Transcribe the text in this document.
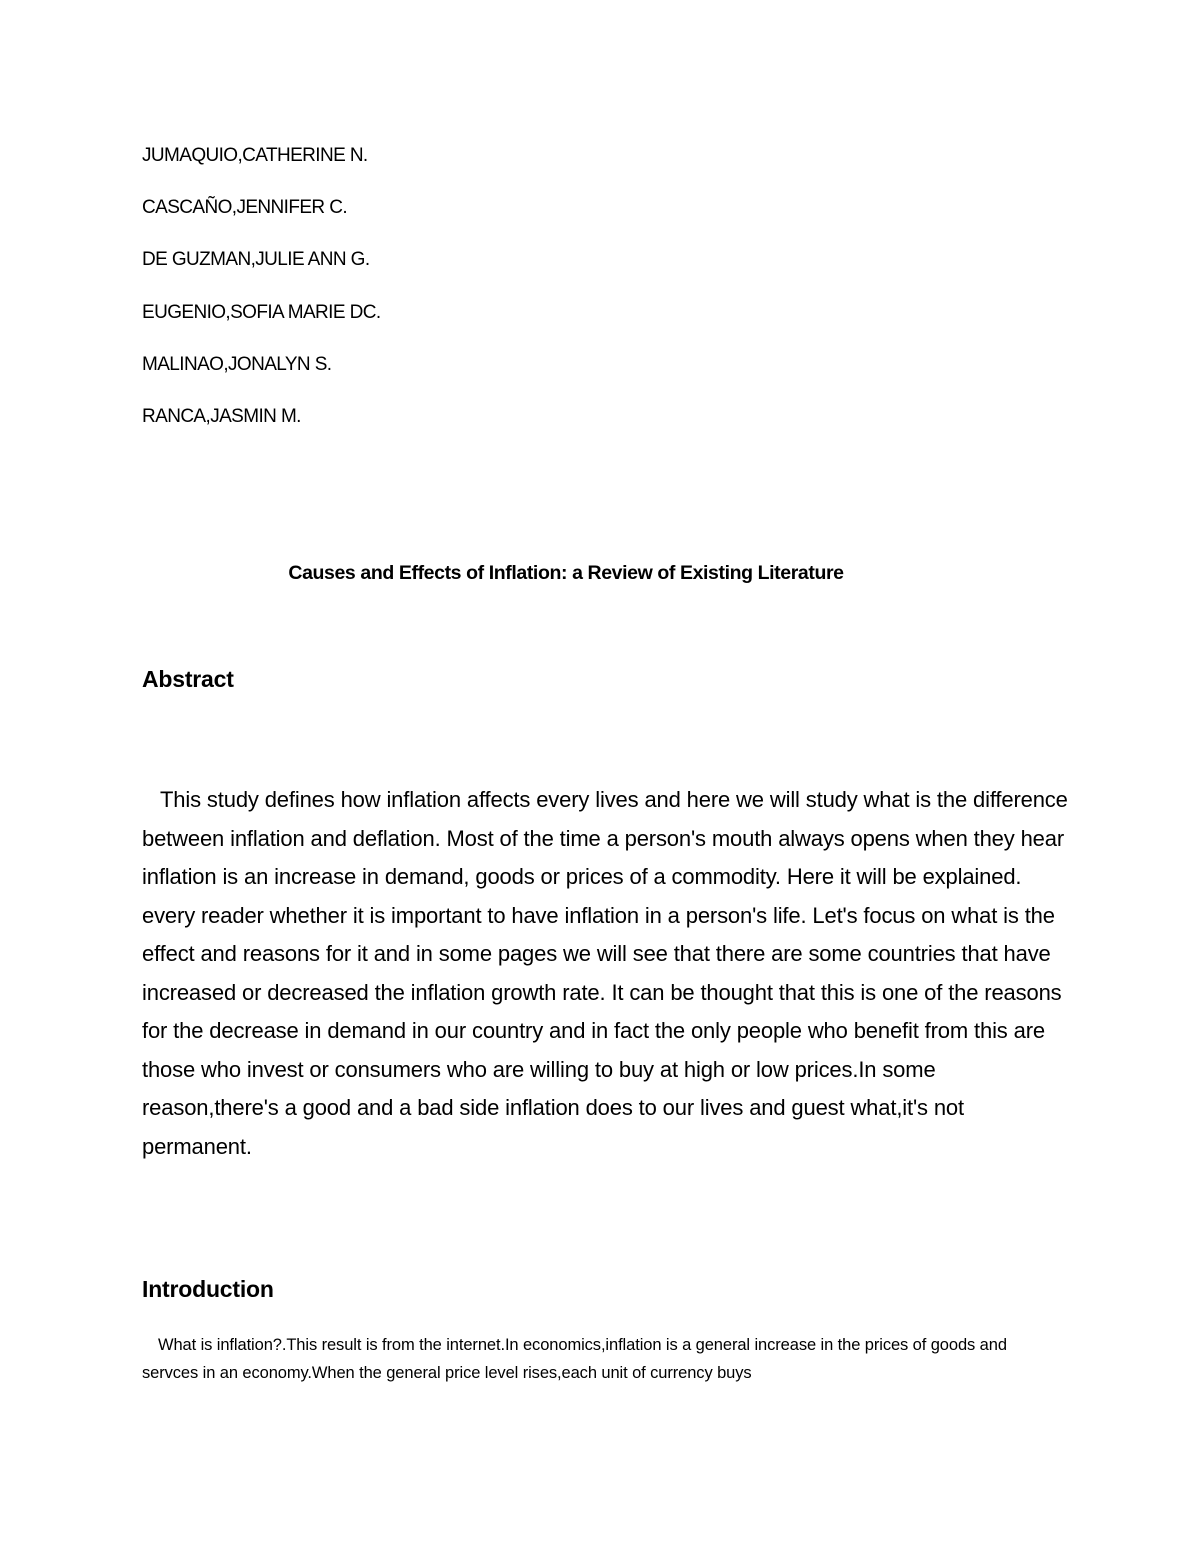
JUMAQUIO,CATHERINE N.
CASCAÑO,JENNIFER C.
DE GUZMAN,JULIE ANN G.
EUGENIO,SOFIA MARIE DC.
MALINAO,JONALYN S.
RANCA,JASMIN M.
Causes and Effects of Inflation: a Review of Existing Literature
Abstract

This study defines how inflation affects every lives and here we will study what is the difference between inflation and deflation. Most of the time a person's mouth always opens when they hear inflation is an increase in demand, goods or prices of a commodity. Here it will be explained. every reader whether it is important to have inflation in a person's life. Let's focus on what is the effect and reasons for it and in some pages we will see that there are some countries that have increased or decreased the inflation growth rate. It can be thought that this is one of the reasons for the decrease in demand in our country and in fact the only people who benefit from this are those who invest or consumers who are willing to buy at high or low prices.In some reason,there's a good and a bad side inflation does to our lives and guest what,it's not permanent.

Introduction

What is inflation?.This result is from the internet.In economics,inflation is a general increase in the prices of goods and servces in an economy.When the general price level rises,each unit of currency buys
